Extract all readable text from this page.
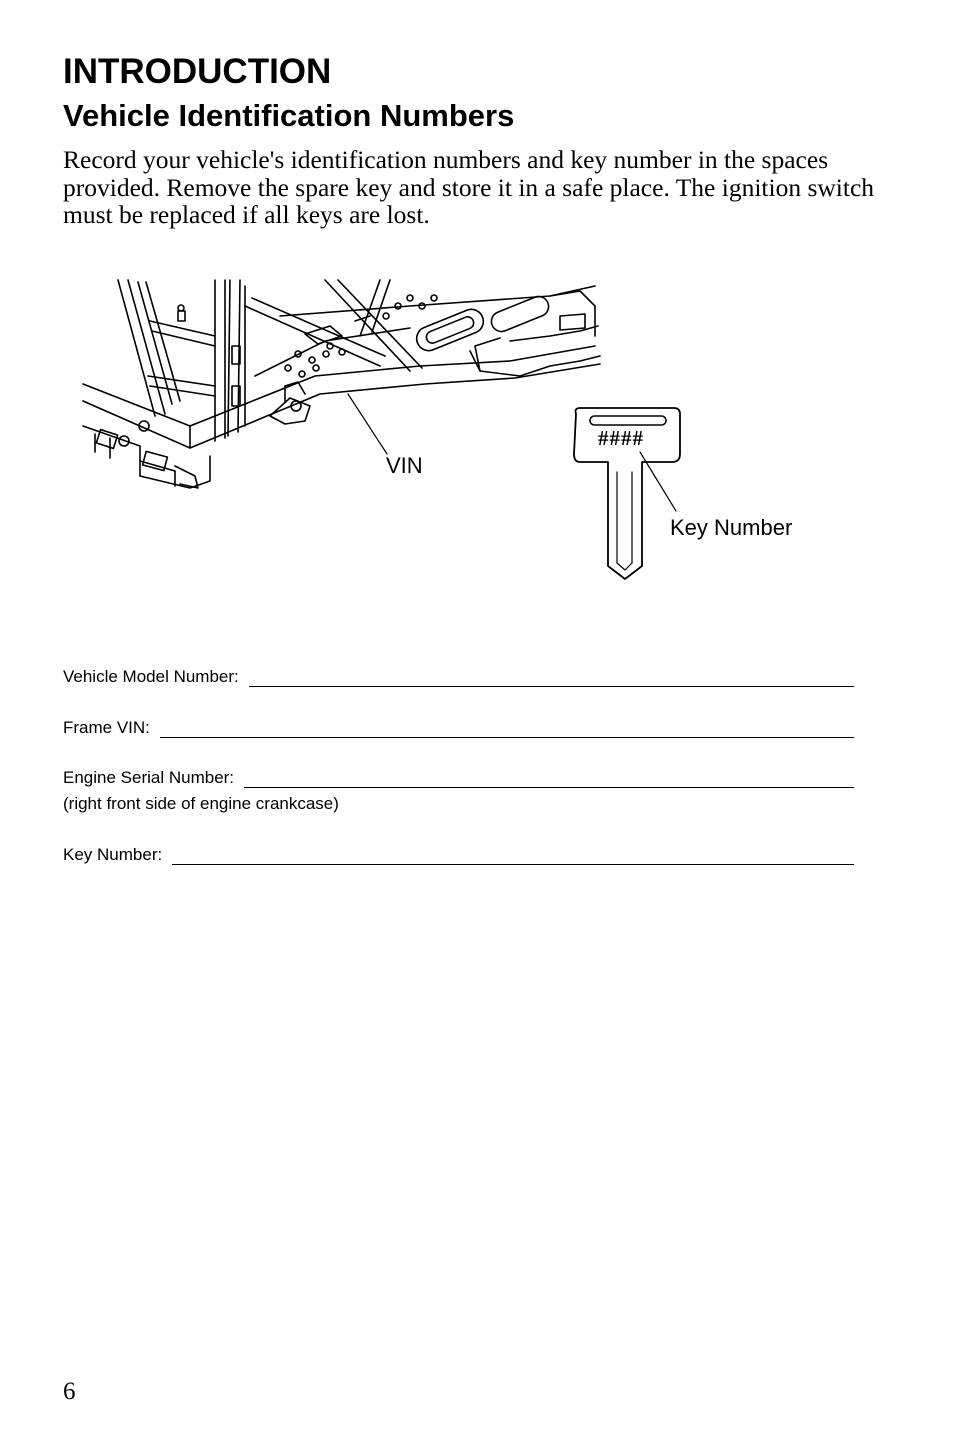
INTRODUCTION
Vehicle Identification Numbers

Record your vehicle's identification numbers and key number in the spaces provided. Remove the spare key and store it in a safe place. The ignition switch must be replaced if all keys are lost.

VIN
####
Key Number
Vehicle Model Number:
Frame VIN:
Engine Serial Number:
(right front side of engine crankcase)
Key Number:
6
